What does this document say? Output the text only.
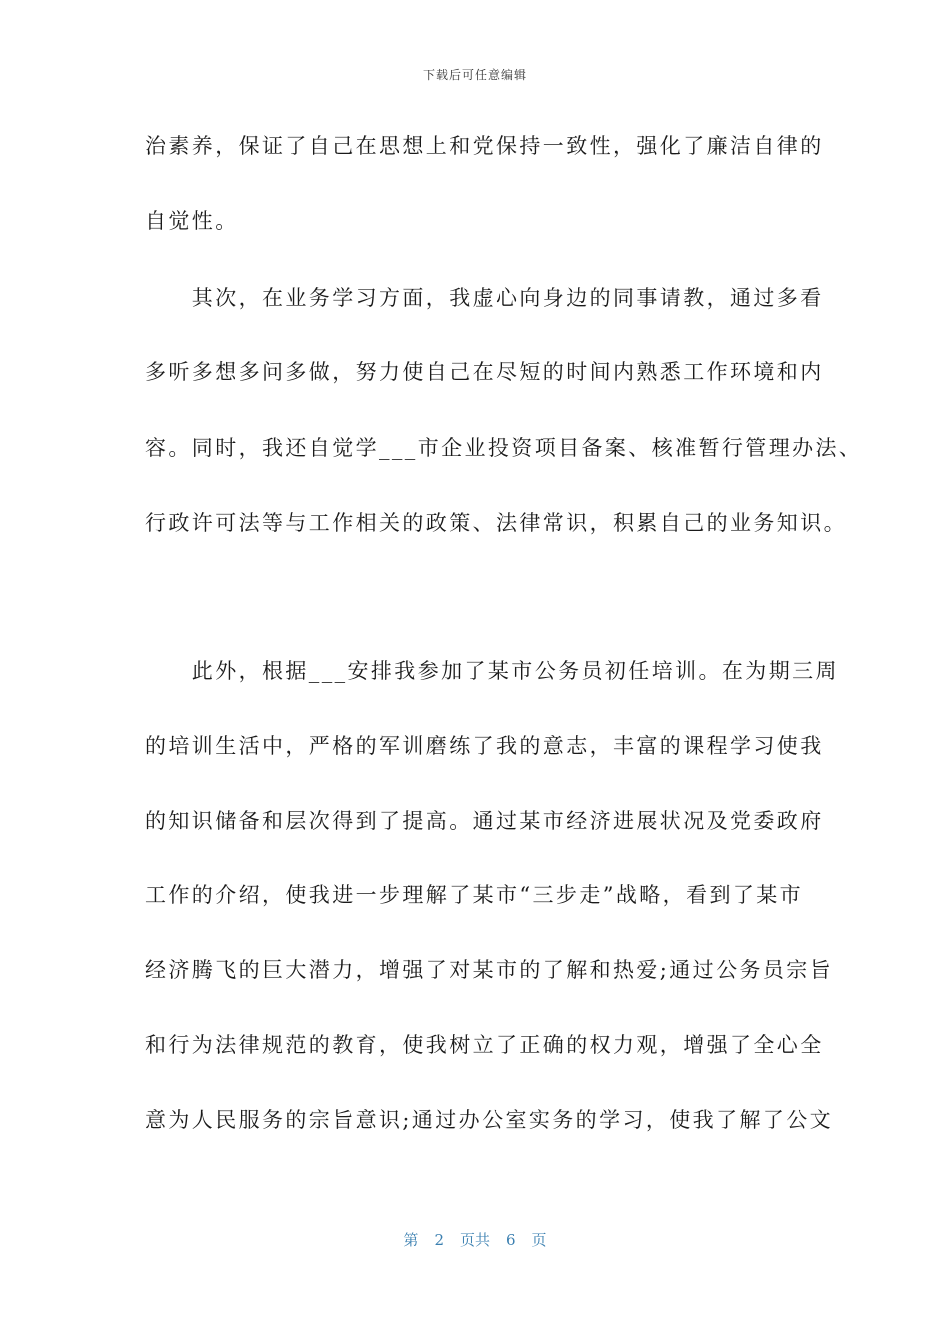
下载后可任意编辑
治素养，保证了自己在思想上和党保持一致性，强化了廉洁自律的
自觉性。
　　其次，在业务学习方面，我虚心向身边的同事请教，通过多看
多听多想多问多做，努力使自己在尽短的时间内熟悉工作环境和内
容。同时，我还自觉学___市企业投资项目备案、核准暂行管理办法、
行政许可法等与工作相关的政策、法律常识，积累自己的业务知识。
　　此外，根据___安排我参加了某市公务员初任培训。在为期三周
的培训生活中，严格的军训磨练了我的意志，丰富的课程学习使我
的知识储备和层次得到了提高。通过某市经济进展状况及党委政府
工作的介绍，使我进一步理解了某市“三步走”战略，看到了某市
经济腾飞的巨大潜力，增强了对某市的了解和热爱;通过公务员宗旨
和行为法律规范的教育，使我树立了正确的权力观，增强了全心全
意为人民服务的宗旨意识;通过办公室实务的学习，使我了解了公文
第 2 页共 6 页
